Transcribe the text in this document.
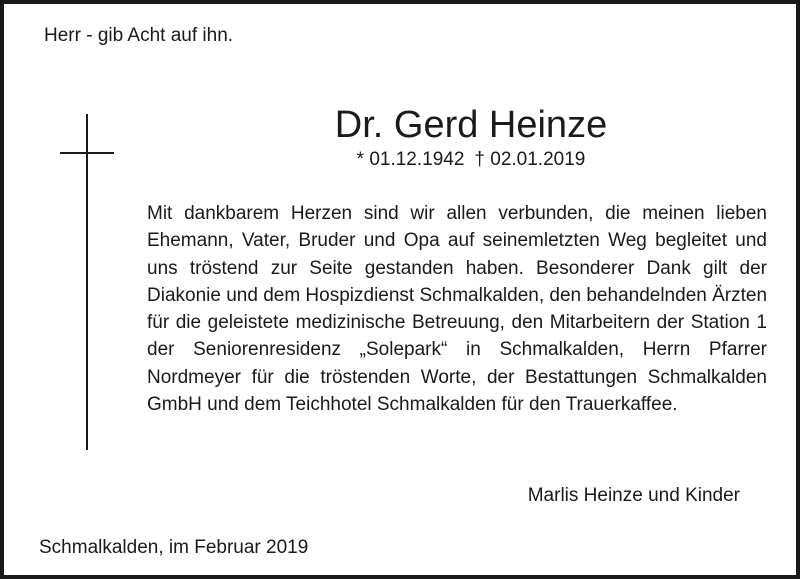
Herr - gib Acht auf ihn.
Dr. Gerd Heinze
* 01.12.1942 † 02.01.2019
Mit dankbarem Herzen sind wir allen verbunden, die meinen lieben Ehemann, Vater, Bruder und Opa auf seinemletzten Weg begleitet und uns tröstend zur Seite gestanden haben. Besonderer Dank gilt der Diakonie und dem Hospizdienst Schmalkalden, den behandelnden Ärzten für die geleistete medizinische Betreuung, den Mitarbeitern der Station 1 der Seniorenresidenz „Solepark“ in Schmalkalden, Herrn Pfarrer Nordmeyer für die tröstenden Worte, der Bestattungen Schmalkalden GmbH und dem Teichhotel Schmalkalden für den Trauerkaffee.
Marlis Heinze und Kinder
Schmalkalden, im Februar 2019
